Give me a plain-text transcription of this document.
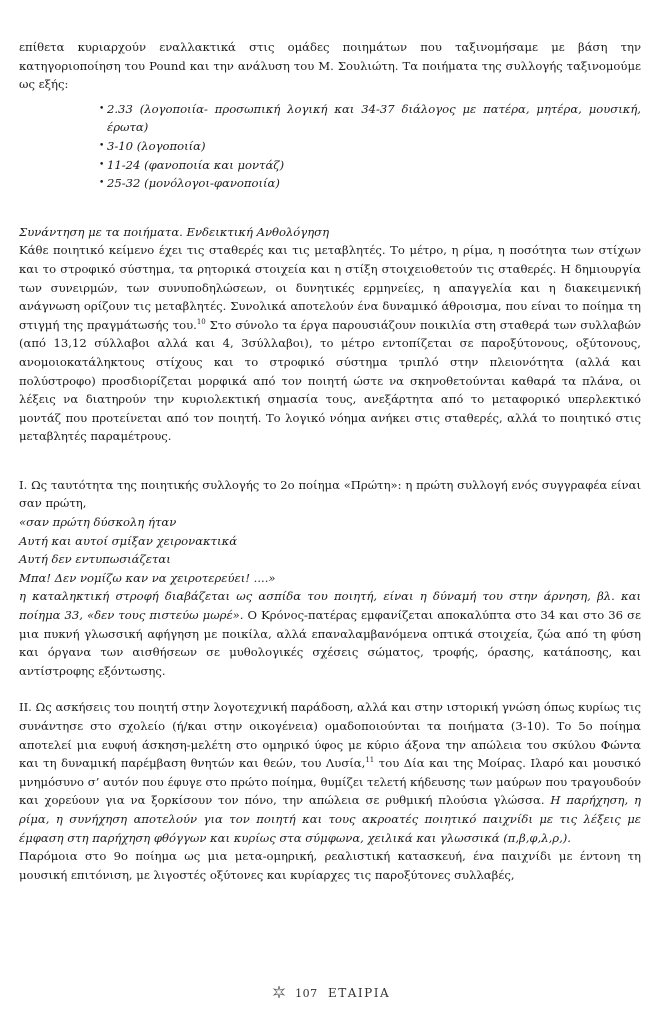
επίθετα κυριαρχούν εναλλακτικά στις ομάδες ποιημάτων που ταξινομήσαμε με βάση την κατηγοριοποίηση του Pound και την ανάλυση του Μ. Σουλιώτη. Τα ποιήματα της συλλογής ταξινομούμε ως εξής:

• 2.33 (λογοποιία- προσωπική λογική και 34-37 διάλογος με πατέρα, μητέρα, μουσική, έρωτα)
• 3-10 (λογοποιία)
• 11-24 (φανοποιία και μοντάζ)
• 25-32 (μονόλογοι-φανοποιία)

Συνάντηση με τα ποιήματα. Ενδεικτική Ανθολόγηση

Κάθε ποιητικό κείμενο έχει τις σταθερές και τις μεταβλητές. Το μέτρο, η ρίμα, η ποσότητα των στίχων και το στροφικό σύστημα, τα ρητορικά στοιχεία και η στίξη στοιχειοθετούν τις σταθερές. Η δημιουργία των συνειρμών, των συνυποδηλώσεων, οι δυνητικές ερμηνείες, η απαγγελία και η διακειμενική ανάγνωση ορίζουν τις μεταβλητές. Συνολικά αποτελούν ένα δυναμικό άθροισμα, που είναι το ποίημα τη στιγμή της πραγμάτωσής του.$^{10}$ Στο σύνολο τα έργα παρουσιάζουν ποικιλία στη σταθερά των συλλαβών (από 13,12 σύλλαβοι αλλά και 4, 3σύλλαβοι), το μέτρο εντοπίζεται σε παροξύτονους, οξύτονους, ανομοιοκατάληκτους στίχους και το στροφικό σύστημα τριπλό στην πλειονότητα (αλλά και πολύστροφο) προσδιορίζεται μορφικά από τον ποιητή ώστε να σκηνοθετούνται καθαρά τα πλάνα, οι λέξεις να διατηρούν την κυριολεκτική σημασία τους, ανεξάρτητα από το μεταφορικό υπερλεκτικό μοντάζ που προτείνεται από τον ποιητή. Το λογικό νόημα ανήκει στις σταθερές, αλλά το ποιητικό στις μεταβλητές παραμέτρους.

I. Ως ταυτότητα της ποιητικής συλλογής το 2ο ποίημα «Πρώτη»: η πρώτη συλλογή ενός συγγραφέα είναι σαν πρώτη,

«σαν πρώτη δύσκολη ήταν

Αυτή και αυτοί σμίξαν χειρονακτικά

Αυτή δεν εντυπωσιάζεται

Μπα! Δεν νομίζω καν να χειροτερεύει! ....»

η καταληκτική στροφή διαβάζεται ως ασπίδα του ποιητή, είναι η δύναμή του στην άρνηση, βλ. και ποίημα 33, «δεν τους πιστεύω μωρέ». Ο Κρόνος-πατέρας εμφανίζεται αποκαλύπτα στο 34 και στο 36 σε μια πυκνή γλωσσική αφήγηση με ποικίλα, αλλά επαναλαμβανόμενα οπτικά στοιχεία, ζώα από τη φύση και όργανα των αισθήσεων σε μυθολογικές σχέσεις σώματος, τροφής, όρασης, κατάποσης, και αντίστροφης εξόντωσης.

II. Ως ασκήσεις του ποιητή στην λογοτεχνική παράδοση, αλλά και στην ιστορική γνώση όπως κυρίως τις συνάντησε στο σχολείο (ή/και στην οικογένεια) ομαδοποιούνται τα ποιήματα (3-10). Το 5ο ποίημα αποτελεί μια ευφυή άσκηση-μελέτη στο ομηρικό ύφος με κύριο άξονα την απώλεια του σκύλου Φώντα και τη δυναμική παρέμβαση θνητών και θεών, του Λυσία,$^{11}$ του Δία και της Μοίρας. Ιλαρό και μουσικό μνημόσυνο σ’ αυτόν που έφυγε στο πρώτο ποίημα, θυμίζει τελετή κήδευσης των μαύρων που τραγουδούν και χορεύουν για να ξορκίσουν τον πόνο, την απώλεια σε ρυθμική πλούσια γλώσσα. Η παρήχηση, η ρίμα, η συνήχηση αποτελούν για τον ποιητή και τους ακροατές ποιητικό παιχνίδι με τις λέξεις με έμφαση στη παρήχηση φθόγγων και κυρίως στα σύμφωνα, χειλικά και γλωσσικά (π,β,φ,λ,ρ,).

Παρόμοια στο 9ο ποίημα ως μια μετα-ομηρική, ρεαλιστική κατασκευή, ένα παιχνίδι με έντονη τη μουσική επιτόνιση, με λιγοστές οξύτονες και κυρίαρχες τις παροξύτονες συλλαβές,

107 ΕΤΑΙΡΙΑ
